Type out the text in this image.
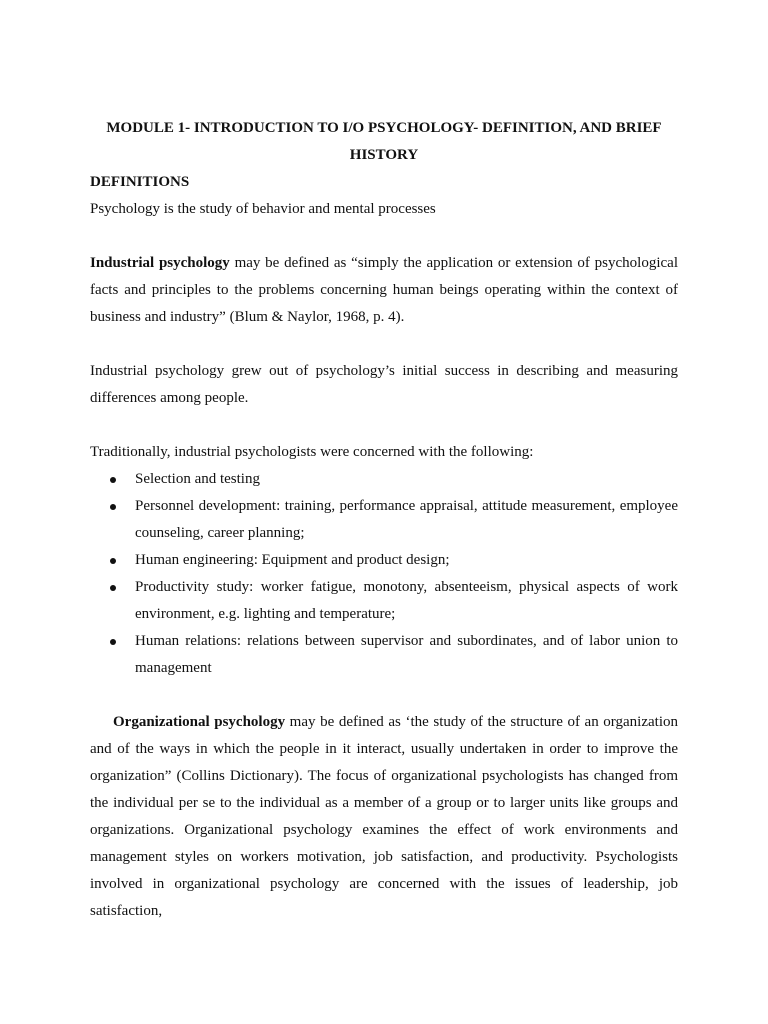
MODULE 1- INTRODUCTION TO I/O PSYCHOLOGY- DEFINITION, AND BRIEF HISTORY
DEFINITIONS

Psychology is the study of behavior and mental processes

Industrial psychology may be defined as “simply the application or extension of psychological facts and principles to the problems concerning human beings operating within the context of business and industry” (Blum & Naylor, 1968, p. 4).

Industrial psychology grew out of psychology’s initial success in describing and measuring differences among people.

Traditionally, industrial psychologists were concerned with the following:

Selection and testing
Personnel development: training, performance appraisal, attitude measurement, employee counseling, career planning;
Human engineering: Equipment and product design;
Productivity study: worker fatigue, monotony, absenteeism, physical aspects of work environment, e.g. lighting and temperature;
Human relations: relations between supervisor and subordinates, and of labor union to management

Organizational psychology may be defined as ‘the study of the structure of an organization and of the ways in which the people in it interact, usually undertaken in order to improve the organization” (Collins Dictionary). The focus of organizational psychologists has changed from the individual per se to the individual as a member of a group or to larger units like groups and organizations. Organizational psychology examines the effect of work environments and management styles on workers motivation, job satisfaction, and productivity. Psychologists involved in organizational psychology are concerned with the issues of leadership, job satisfaction,
